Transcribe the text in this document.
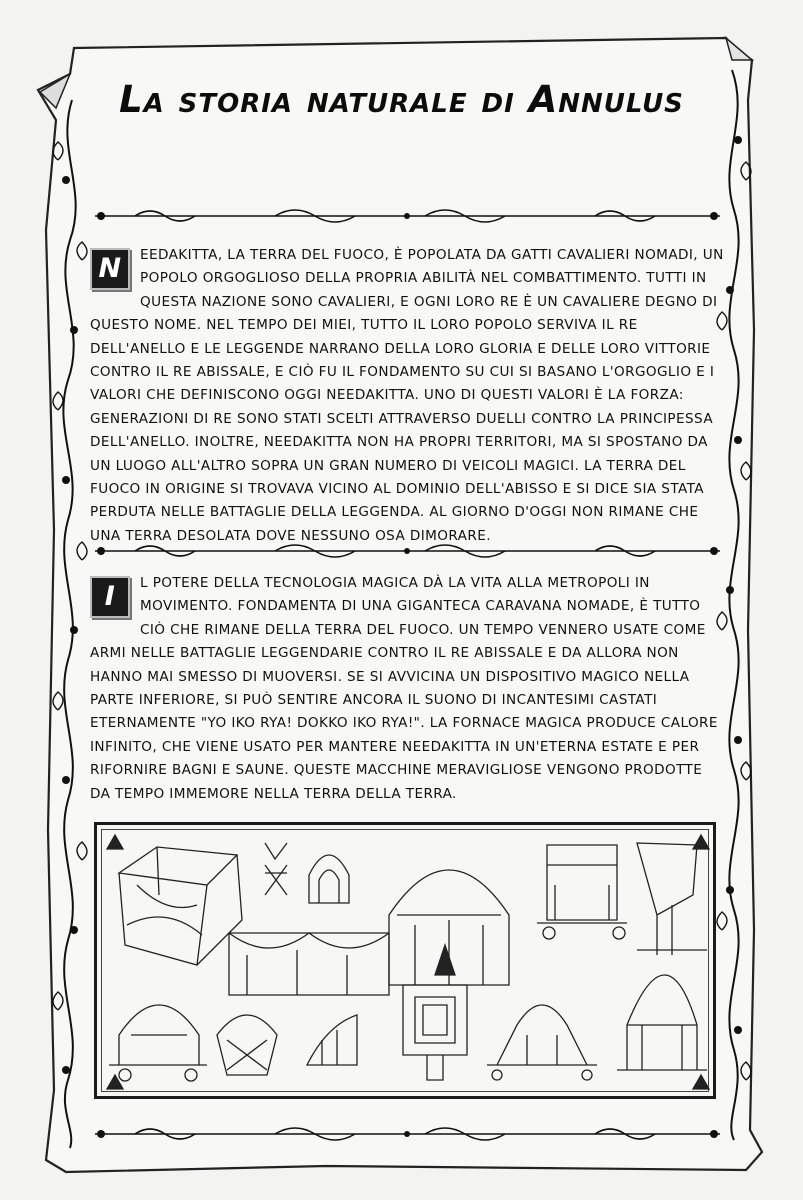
La storia naturale di Annulus
N	EEDAKITTA, LA TERRA DEL FUOCO, È POPOLATA DA GATTI CAVALIERI NOMADI, UN POPOLO ORGOGLIOSO DELLA PROPRIA ABILITÀ NEL COMBATTIMENTO. TUTTI IN QUESTA NAZIONE SONO CAVALIERI, E OGNI LORO RE È UN CAVALIERE DEGNO DI QUESTO NOME. NEL TEMPO DEI MIEI, TUTTO IL LORO POPOLO SERVIVA IL RE DELL'ANELLO E LE LEGGENDE NARRANO DELLA LORO GLORIA E DELLE LORO VITTORIE CONTRO IL RE ABISSALE, E CIÒ FU IL FONDAMENTO SU CUI SI BASANO L'ORGOGLIO E I VALORI CHE DEFINISCONO OGGI NEEDAKITTA. UNO DI QUESTI VALORI È LA FORZA: GENERAZIONI DI RE SONO STATI SCELTI ATTRAVERSO DUELLI CONTRO LA PRINCIPESSA DELL'ANELLO. INOLTRE, NEEDAKITTA NON HA PROPRI TERRITORI, MA SI SPOSTANO DA UN LUOGO ALL'ALTRO SOPRA UN GRAN NUMERO DI VEICOLI MAGICI. LA TERRA DEL FUOCO IN ORIGINE SI TROVAVA VICINO AL DOMINIO DELL'ABISSO E SI DICE SIA STATA PERDUTA NELLE BATTAGLIE DELLA LEGGENDA. AL GIORNO D'OGGI NON RIMANE CHE UNA TERRA DESOLATA DOVE NESSUNO OSA DIMORARE.
I	L POTERE DELLA TECNOLOGIA MAGICA DÀ LA VITA ALLA METROPOLI IN MOVIMENTO. FONDAMENTA DI UNA GIGANTECA CARAVANA NOMADE, È TUTTO CIÒ CHE RIMANE DELLA TERRA DEL FUOCO. UN TEMPO VENNERO USATE COME ARMI NELLE BATTAGLIE LEGGENDARIE CONTRO IL RE ABISSALE E DA ALLORA NON HANNO MAI SMESSO DI MUOVERSI. SE SI AVVICINA UN DISPOSITIVO MAGICO NELLA PARTE INFERIORE, SI PUÒ SENTIRE ANCORA IL SUONO DI INCANTESIMI CASTATI ETERNAMENTE "YO IKO RYA! DOKKO IKO RYA!". LA FORNACE MAGICA PRODUCE CALORE INFINITO, CHE VIENE USATO PER MANTERE NEEDAKITTA IN UN'ETERNA ESTATE E PER RIFORNIRE BAGNI E SAUNE. QUESTE MACCHINE MERAVIGLIOSE VENGONO PRODOTTE DA TEMPO IMMEMORE NELLA TERRA DELLA TERRA.
